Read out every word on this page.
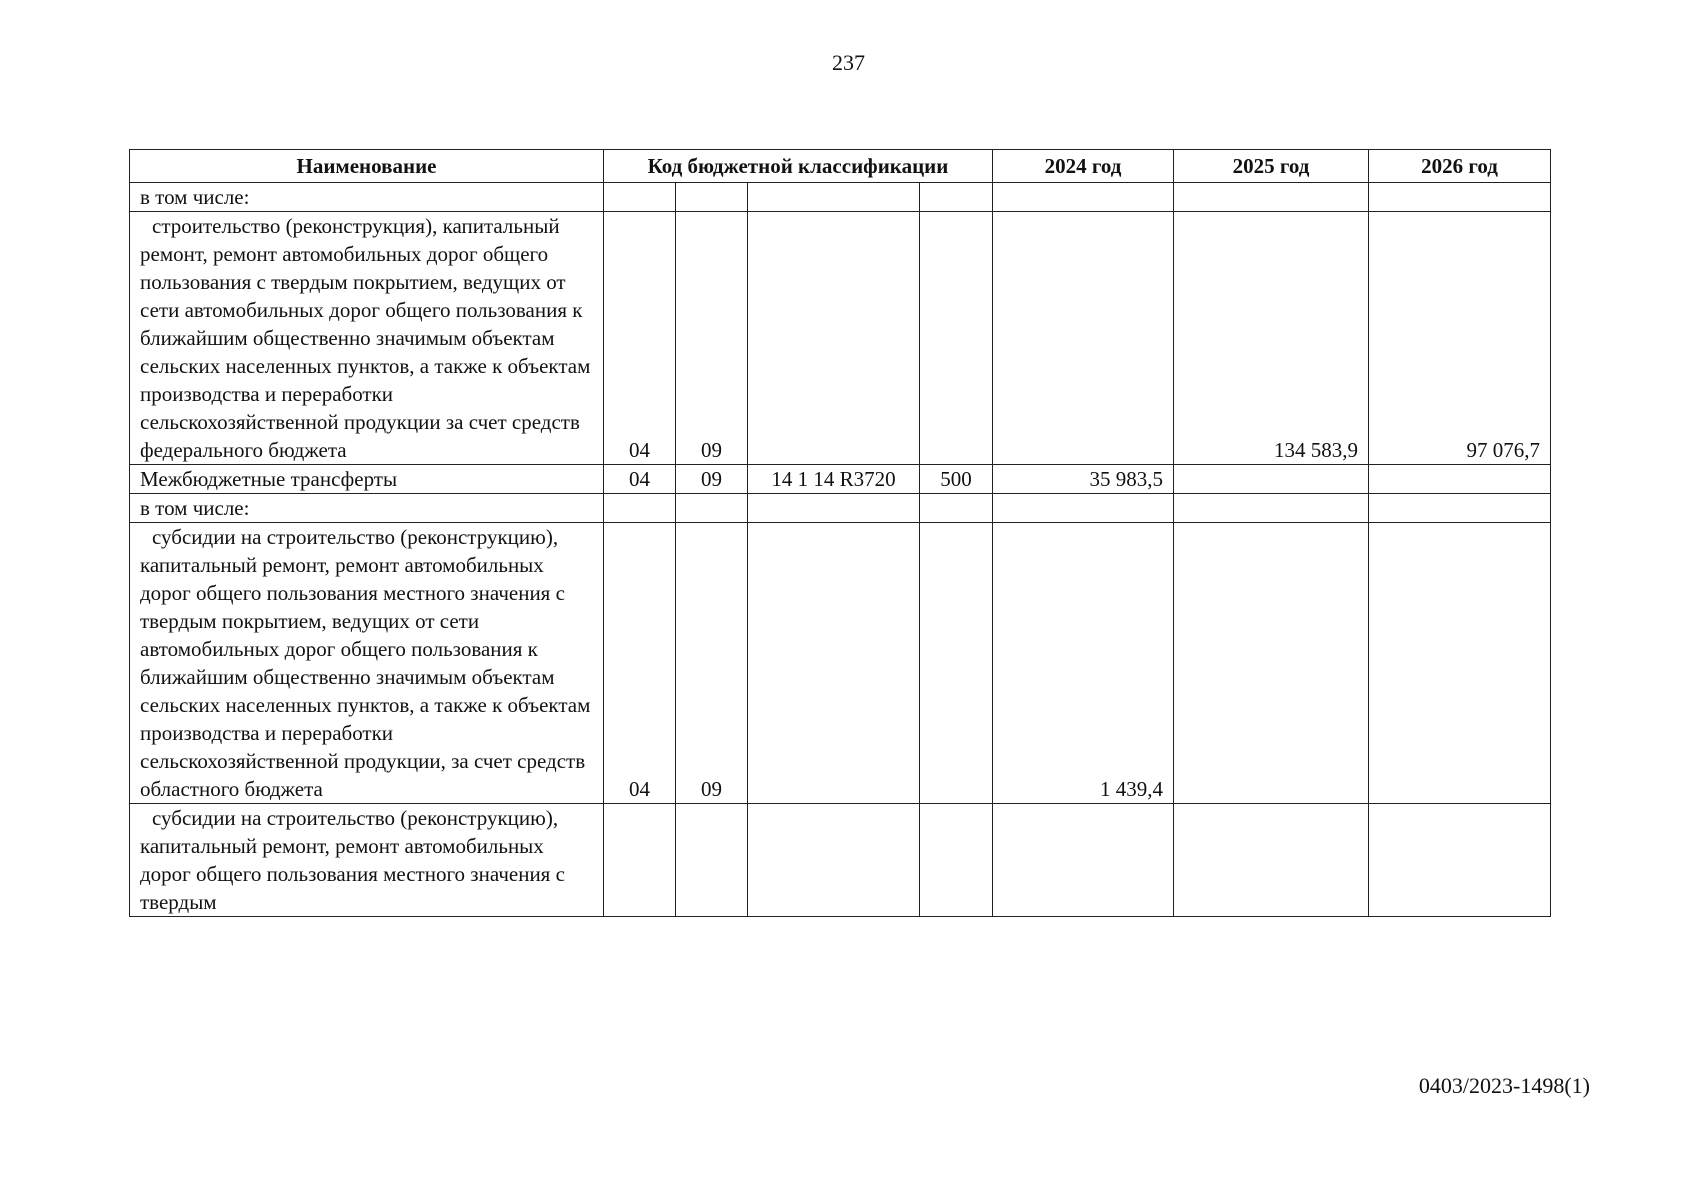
237
Наименование	Код бюджетной классификации				2024 год	2025 год	2026 год
в том числе:							
строительство (реконструкция), капитальный ремонт, ремонт автомобильных дорог общего пользования с твердым покрытием, ведущих от сети автомобильных дорог общего пользования к ближайшим общественно значимым объектам сельских населенных пунктов, а также к объектам производства и переработки сельскохозяйственной продукции за счет средств федерального бюджета	04	09				134 583,9	97 076,7
Межбюджетные трансферты	04	09	14 1 14 R3720	500	35 983,5		
в том числе:							
субсидии на строительство (реконструкцию), капитальный ремонт, ремонт автомобильных дорог общего пользования местного значения с твердым покрытием, ведущих от сети автомобильных дорог общего пользования к ближайшим общественно значимым объектам сельских населенных пунктов, а также к объектам производства и переработки сельскохозяйственной продукции, за счет средств областного бюджета	04	09			1 439,4		
субсидии на строительство (реконструкцию), капитальный ремонт, ремонт автомобильных дорог общего пользования местного значения с твердым							
0403/2023-1498(1)
